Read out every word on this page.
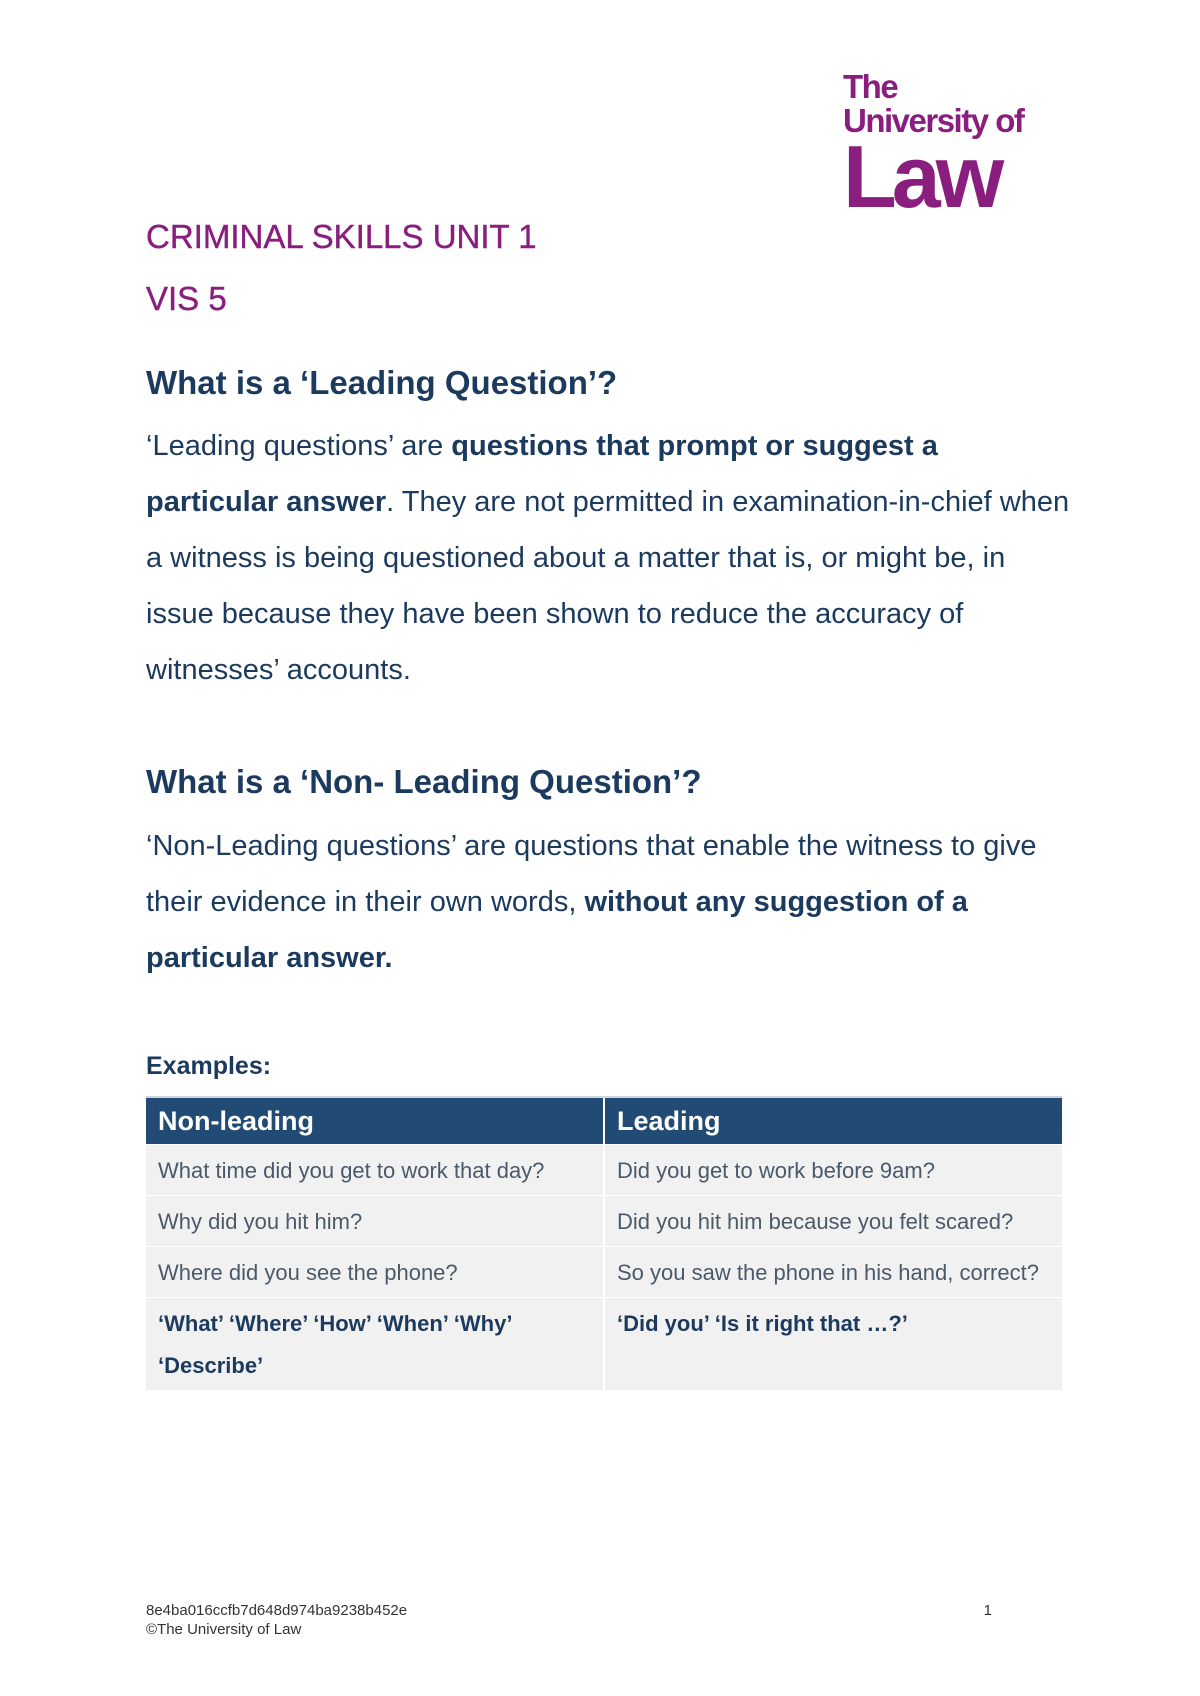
The
University of
Law
CRIMINAL SKILLS UNIT 1
VIS 5
What is a ‘Leading Question’?

‘Leading questions’ are questions that prompt or suggest a particular answer. They are not permitted in examination-in-chief when a witness is being questioned about a matter that is, or might be, in issue because they have been shown to reduce the accuracy of witnesses’ accounts.

What is a ‘Non- Leading Question’?

‘Non-Leading questions’ are questions that enable the witness to give their evidence in their own words, without any suggestion of a particular answer.

Examples:

Non-leading	Leading
What time did you get to work that day?	Did you get to work before 9am?
Why did you hit him?	Did you hit him because you felt scared?
Where did you see the phone?	So you saw the phone in his hand, correct?
‘What’ ‘Where’ ‘How’ ‘When’ ‘Why’ ‘Describe’	‘Did you’ ‘Is it right that …?’
8e4ba016ccfb7d648d974ba9238b452e
©The University of Law
1
